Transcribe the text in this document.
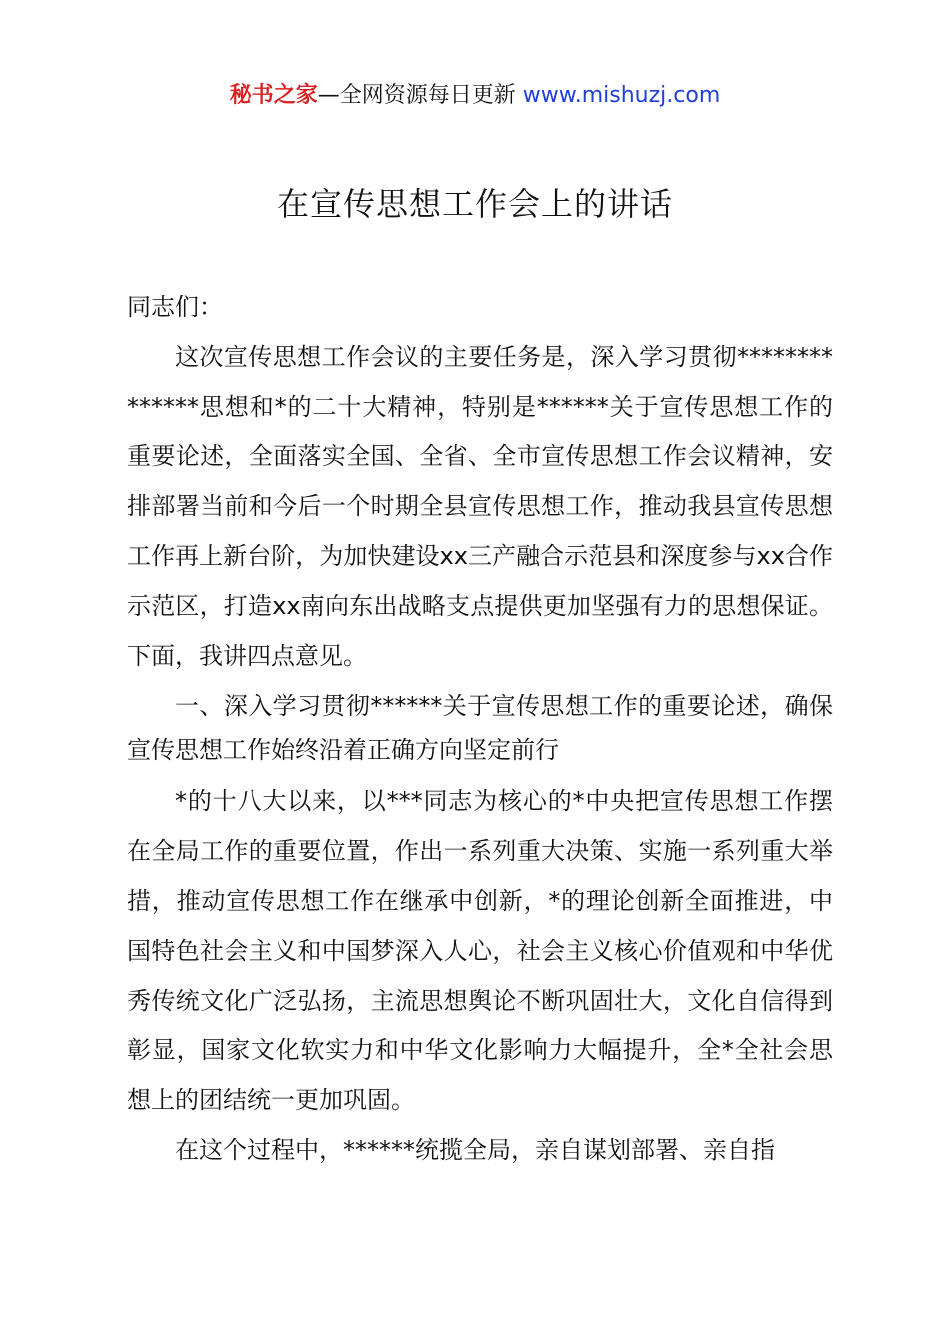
秘书之家—全网资源每日更新 www.mishuzj.com
在宣传思想工作会上的讲话

同志们：

这次宣传思想工作会议的主要任务是，深入学习贯彻**************思想和*的二十大精神，特别是******关于宣传思想工作的重要论述，全面落实全国、全省、全市宣传思想工作会议精神，安排部署当前和今后一个时期全县宣传思想工作，推动我县宣传思想工作再上新台阶，为加快建设xx三产融合示范县和深度参与xx合作示范区，打造xx南向东出战略支点提供更加坚强有力的思想保证。下面，我讲四点意见。

一、深入学习贯彻******关于宣传思想工作的重要论述，确保宣传思想工作始终沿着正确方向坚定前行

*的十八大以来，以***同志为核心的*中央把宣传思想工作摆在全局工作的重要位置，作出一系列重大决策、实施一系列重大举措，推动宣传思想工作在继承中创新，*的理论创新全面推进，中国特色社会主义和中国梦深入人心，社会主义核心价值观和中华优秀传统文化广泛弘扬，主流思想舆论不断巩固壮大，文化自信得到彰显，国家文化软实力和中华文化影响力大幅提升，全*全社会思想上的团结统一更加巩固。

在这个过程中，******统揽全局，亲自谋划部署、亲自指
